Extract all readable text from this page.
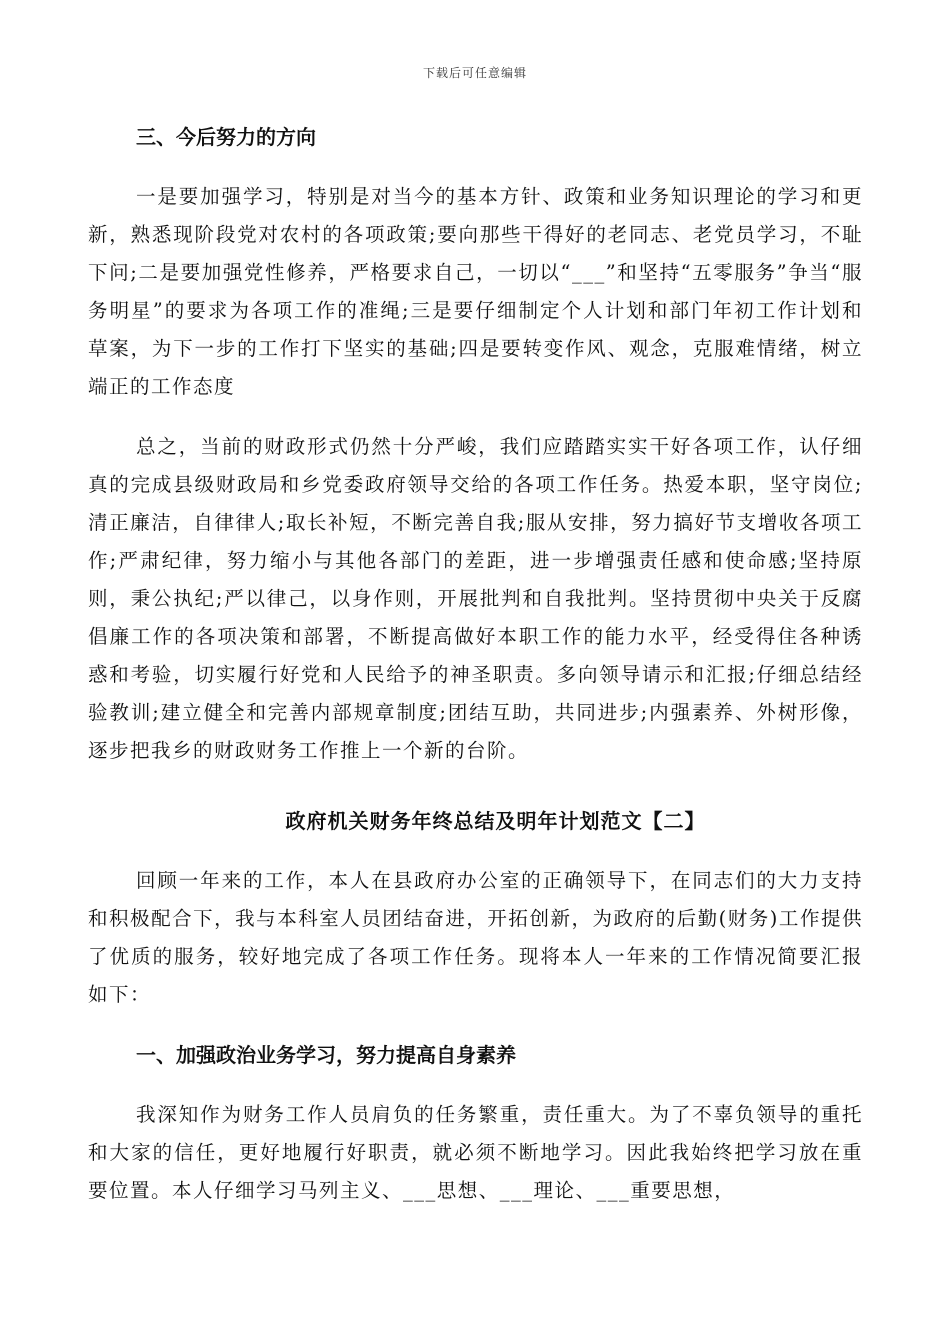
下载后可任意编辑

三、今后努力的方向

一是要加强学习，特别是对当今的基本方针、政策和业务知识理论的学习和更新，熟悉现阶段党对农村的各项政策;要向那些干得好的老同志、老党员学习，不耻下问;二是要加强党性修养，严格要求自己，一切以“___”和坚持“五零服务”争当“服务明星”的要求为各项工作的准绳;三是要仔细制定个人计划和部门年初工作计划和草案，为下一步的工作打下坚实的基础;四是要转变作风、观念，克服难情绪，树立端正的工作态度

总之，当前的财政形式仍然十分严峻，我们应踏踏实实干好各项工作，认仔细真的完成县级财政局和乡党委政府领导交给的各项工作任务。热爱本职，坚守岗位;清正廉洁，自律律人;取长补短，不断完善自我;服从安排，努力搞好节支增收各项工作;严肃纪律，努力缩小与其他各部门的差距，进一步增强责任感和使命感;坚持原则，秉公执纪;严以律己，以身作则，开展批判和自我批判。坚持贯彻中央关于反腐倡廉工作的各项决策和部署，不断提高做好本职工作的能力水平，经受得住各种诱惑和考验，切实履行好党和人民给予的神圣职责。多向领导请示和汇报;仔细总结经验教训;建立健全和完善内部规章制度;团结互助，共同进步;内强素养、外树形像，逐步把我乡的财政财务工作推上一个新的台阶。

政府机关财务年终总结及明年计划范文【二】

回顾一年来的工作，本人在县政府办公室的正确领导下，在同志们的大力支持和积极配合下，我与本科室人员团结奋进，开拓创新，为政府的后勤(财务)工作提供了优质的服务，较好地完成了各项工作任务。现将本人一年来的工作情况简要汇报如下：

一、加强政治业务学习，努力提高自身素养

我深知作为财务工作人员肩负的任务繁重，责任重大。为了不辜负领导的重托和大家的信任，更好地履行好职责，就必须不断地学习。因此我始终把学习放在重要位置。本人仔细学习马列主义、___思想、___理论、___重要思想，
